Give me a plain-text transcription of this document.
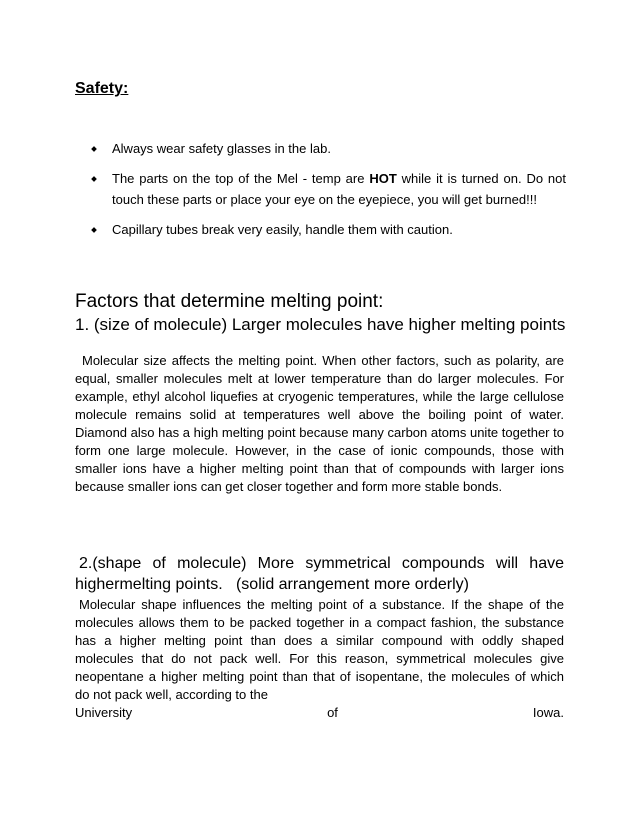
Safety:
Always wear safety glasses in the lab.
The parts on the top of the Mel - temp are HOT while it is turned on. Do not touch these parts or place your eye on the eyepiece, you will get burned!!!
Capillary tubes break very easily, handle them with caution.
Factors that determine melting point:
1. (size of molecule) Larger molecules have higher melting points

Molecular size affects the melting point. When other factors, such as polarity, are equal, smaller molecules melt at lower temperature than do larger molecules. For example, ethyl alcohol liquefies at cryogenic temperatures, while the large cellulose molecule remains solid at temperatures well above the boiling point of water. Diamond also has a high melting point because many carbon atoms unite together to form one large molecule. However, in the case of ionic compounds, those with smaller ions have a higher melting point than that of compounds with larger ions because smaller ions can get closer together and form more stable bonds.

2.(shape of molecule) More symmetrical compounds will have
highermelting points.   (solid arrangement more orderly)

Molecular shape influences the melting point of a substance. If the shape of the molecules allows them to be packed together in a compact fashion, the substance has a higher melting point than does a similar compound with oddly shaped molecules that do not pack well. For this reason, symmetrical molecules give neopentane a higher melting point than that of isopentane, the molecules of which do not pack well, according to the

University	of	Iowa.
